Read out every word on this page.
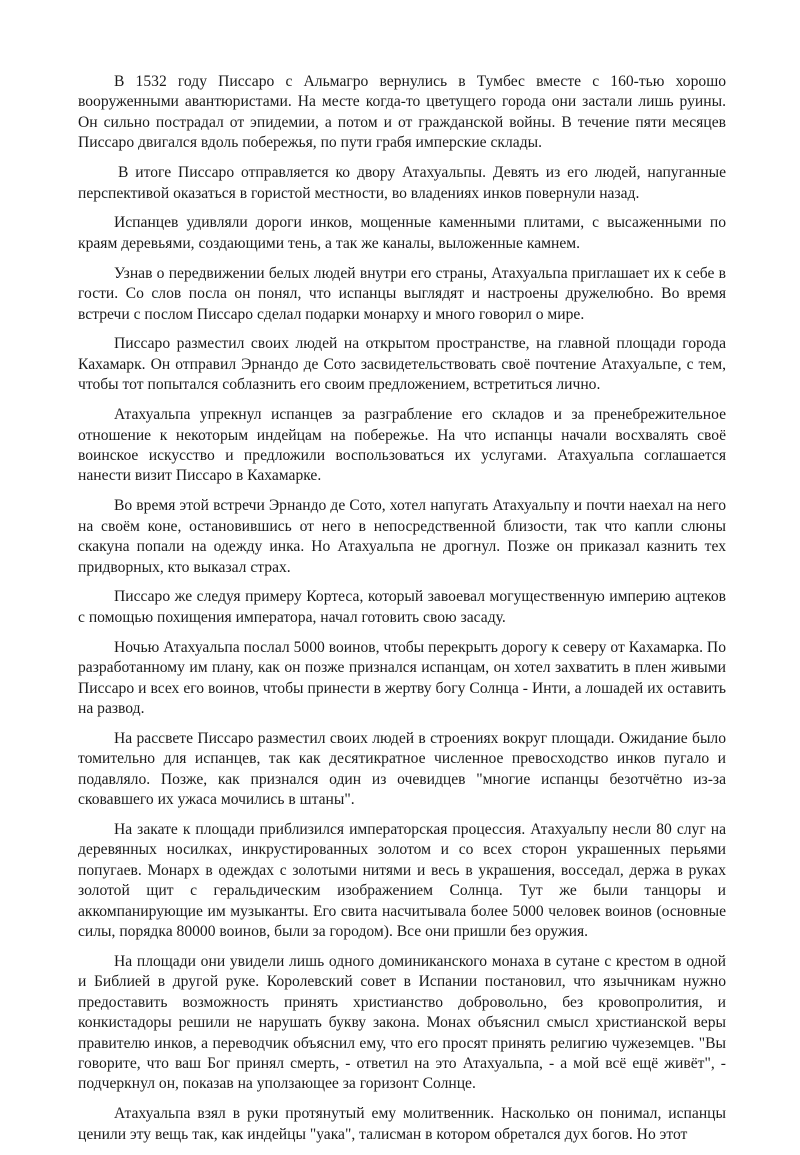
В 1532 году Писсаро с Альмагро вернулись в Тумбес вместе с 160-тью хорошо вооруженными авантюристами. На месте когда-то цветущего города они застали лишь руины. Он сильно пострадал от эпидемии, а потом и от гражданской войны. В течение пяти месяцев Писсаро двигался вдоль побережья, по пути грабя имперские склады.

В итоге Писсаро отправляется ко двору Атахуальпы. Девять из его людей, напуганные перспективой оказаться в гористой местности, во владениях инков повернули назад.

Испанцев удивляли дороги инков, мощенные каменными плитами, с высаженными по краям деревьями, создающими тень, а так же каналы, выложенные камнем.

Узнав о передвижении белых людей внутри его страны, Атахуальпа приглашает их к себе в гости. Со слов посла он понял, что испанцы выглядят и настроены дружелюбно. Во время встречи с послом Писсаро сделал подарки монарху и много говорил о мире.

Писсаро разместил своих людей на открытом пространстве, на главной площади города Кахамарк. Он отправил Эрнандо де Сото засвидетельствовать своё почтение Атахуальпе, с тем, чтобы тот попытался соблазнить его своим предложением, встретиться лично.

Атахуальпа упрекнул испанцев за разграбление его складов и за пренебрежительное отношение к некоторым индейцам на побережье. На что испанцы начали восхвалять своё воинское искусство и предложили воспользоваться их услугами. Атахуальпа соглашается нанести визит Писсаро в Кахамарке.

Во время этой встречи Эрнандо де Сото, хотел напугать Атахуальпу и почти наехал на него на своём коне, остановившись от него в непосредственной близости, так что капли слюны скакуна попали на одежду инка. Но Атахуальпа не дрогнул. Позже он приказал казнить тех придворных, кто выказал страх.

Писсаро же следуя примеру Кортеса, который завоевал могущественную империю ацтеков с помощью похищения императора, начал готовить свою засаду.

Ночью Атахуальпа послал 5000 воинов, чтобы перекрыть дорогу к северу от Кахамарка. По разработанному им плану, как он позже признался испанцам, он хотел захватить в плен живыми Писсаро и всех его воинов, чтобы принести в жертву богу Солнца - Инти, а лошадей их оставить на развод.

На рассвете Писсаро разместил своих людей в строениях вокруг площади. Ожидание было томительно для испанцев, так как десятикратное численное превосходство инков пугало и подавляло. Позже, как признался один из очевидцев "многие испанцы безотчётно из-за сковавшего их ужаса мочились в штаны".

На закате к площади приблизился императорская процессия. Атахуальпу несли 80 слуг на деревянных носилках, инкрустированных золотом и со всех сторон украшенных перьями попугаев. Монарх в одеждах с золотыми нитями и весь в украшения, восседал, держа в руках золотой щит с геральдическим изображением Солнца. Тут же были танцоры и аккомпанирующие им музыканты. Его свита насчитывала более 5000 человек воинов (основные силы, порядка 80000 воинов, были за городом). Все они пришли без оружия.

На площади они увидели лишь одного доминиканского монаха в сутане с крестом в одной и Библией в другой руке. Королевский совет в Испании постановил, что язычникам нужно предоставить возможность принять христианство добровольно, без кровопролития, и конкистадоры решили не нарушать букву закона. Монах объяснил смысл христианской веры правителю инков, а переводчик объяснил ему, что его просят принять религию чужеземцев. "Вы говорите, что ваш Бог принял смерть, - ответил на это Атахуальпа, - а мой всё ещё живёт", - подчеркнул он, показав на уползающее за горизонт Солнце.

Атахуальпа взял в руки протянутый ему молитвенник. Насколько он понимал, испанцы ценили эту вещь так, как индейцы "уака", талисман в котором обретался дух богов. Но этот
